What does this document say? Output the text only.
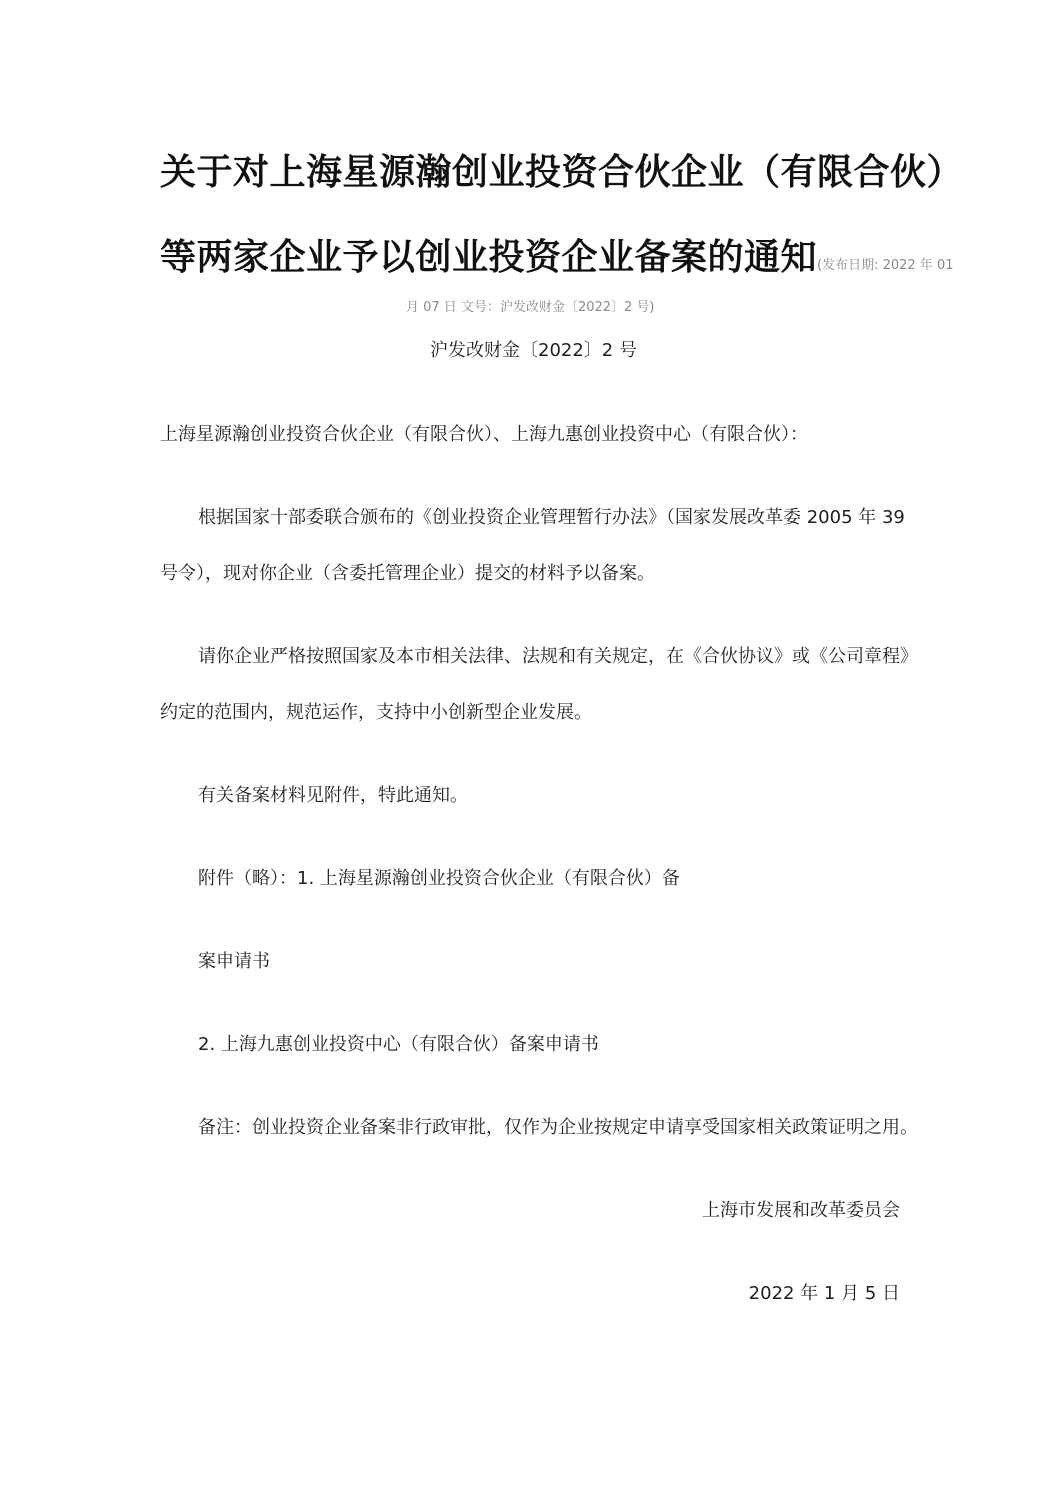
关于对上海星源瀚创业投资合伙企业（有限合伙）
等两家企业予以创业投资企业备案的通知(发布日期: 2022 年 01
月 07 日 文号：沪发改财金〔2022〕2 号)
沪发改财金〔2022〕2 号
上海星源瀚创业投资合伙企业（有限合伙）、上海九惠创业投资中心（有限合伙）：
根据国家十部委联合颁布的《创业投资企业管理暂行办法》（国家发展改革委 2005 年 39
号令），现对你企业（含委托管理企业）提交的材料予以备案。
请你企业严格按照国家及本市相关法律、法规和有关规定，在《合伙协议》或《公司章程》
约定的范围内，规范运作，支持中小创新型企业发展。
有关备案材料见附件，特此通知。
附件（略）：1. 上海星源瀚创业投资合伙企业（有限合伙）备
案申请书
2. 上海九惠创业投资中心（有限合伙）备案申请书
备注：创业投资企业备案非行政审批，仅作为企业按规定申请享受国家相关政策证明之用。
上海市发展和改革委员会
2022 年 1 月 5 日
